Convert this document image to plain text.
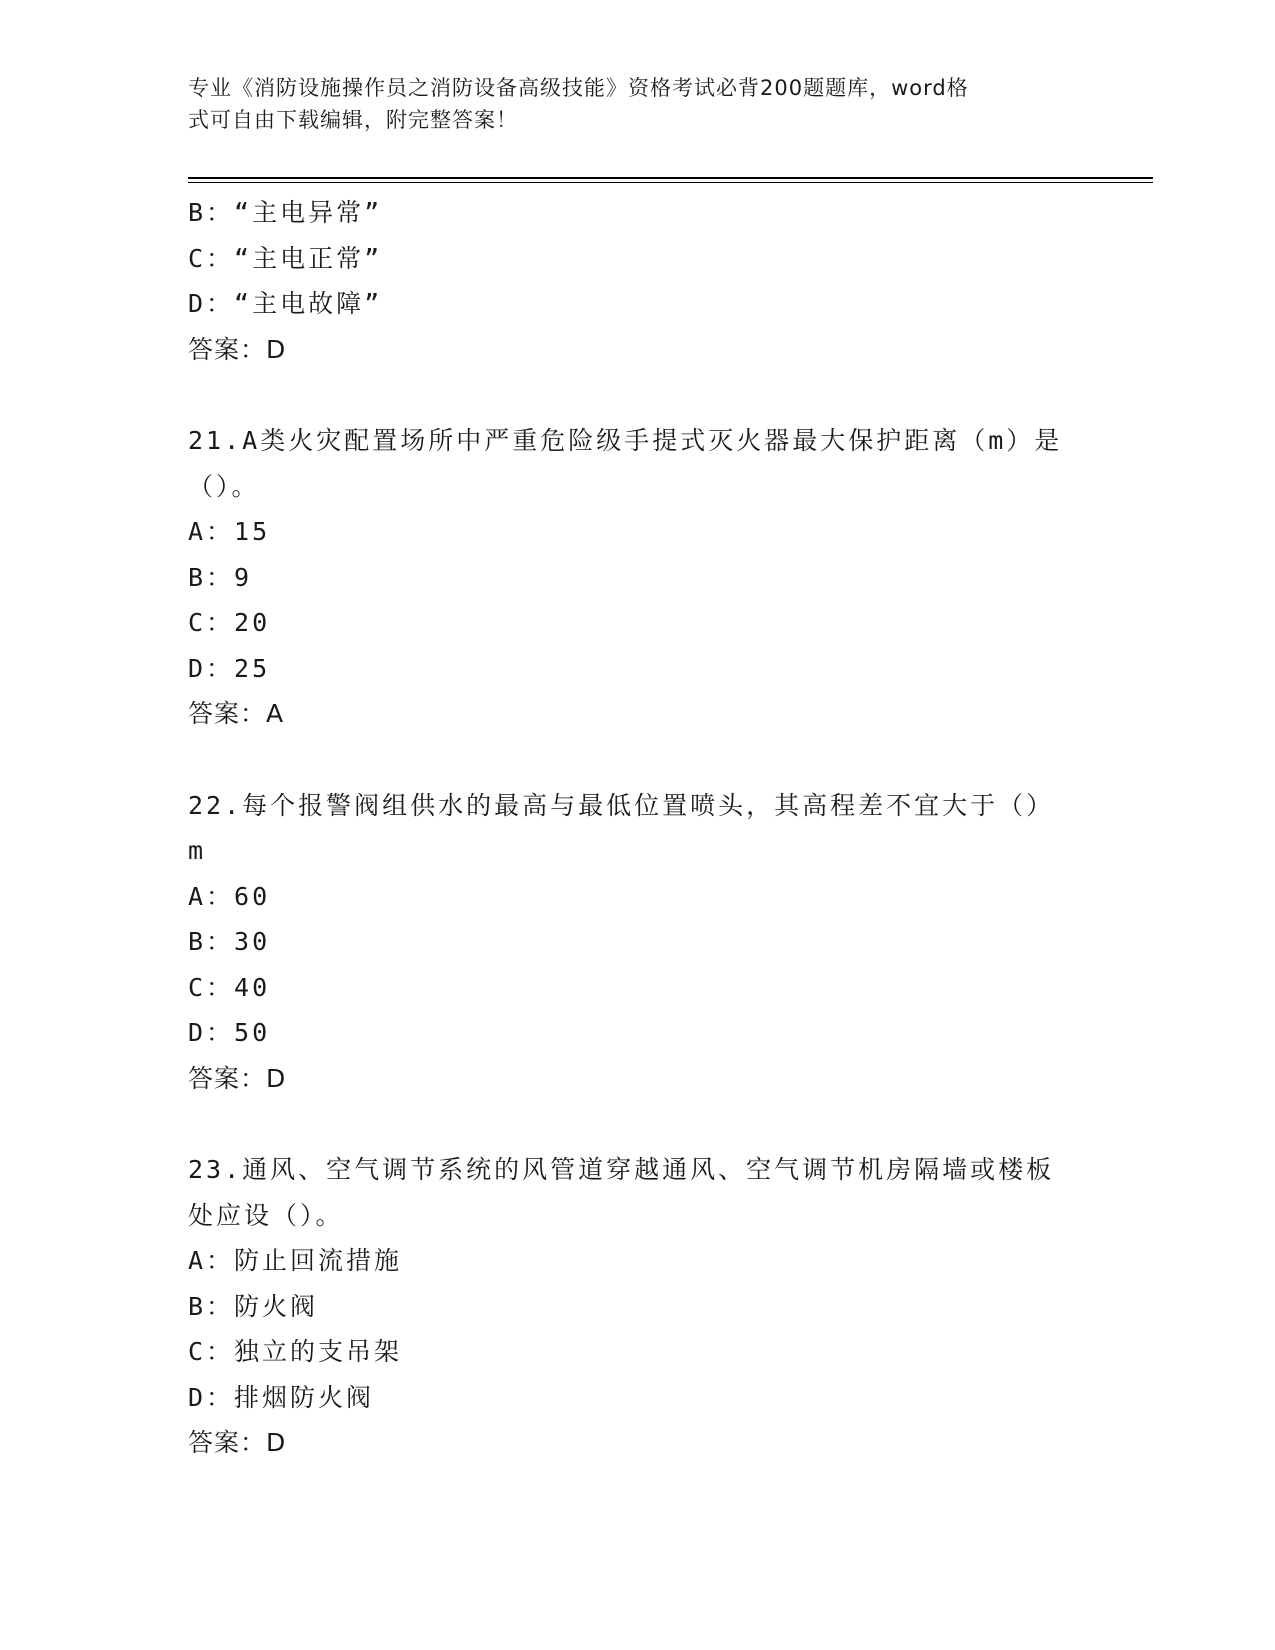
专业《消防设施操作员之消防设备高级技能》资格考试必背200题题库，word格
式可自由下载编辑，附完整答案！
B：“主电异常”
C：“主电正常”
D：“主电故障”
答案：D
21.A类火灾配置场所中严重危险级手提式灭火器最大保护距离（m）是
（）。
A：15
B：9
C：20
D：25
答案：A
22.每个报警阀组供水的最高与最低位置喷头，其高程差不宜大于（）
m
A：60
B：30
C：40
D：50
答案：D
23.通风、空气调节系统的风管道穿越通风、空气调节机房隔墙或楼板
处应设（）。
A：防止回流措施
B：防火阀
C：独立的支吊架
D：排烟防火阀
答案：D
